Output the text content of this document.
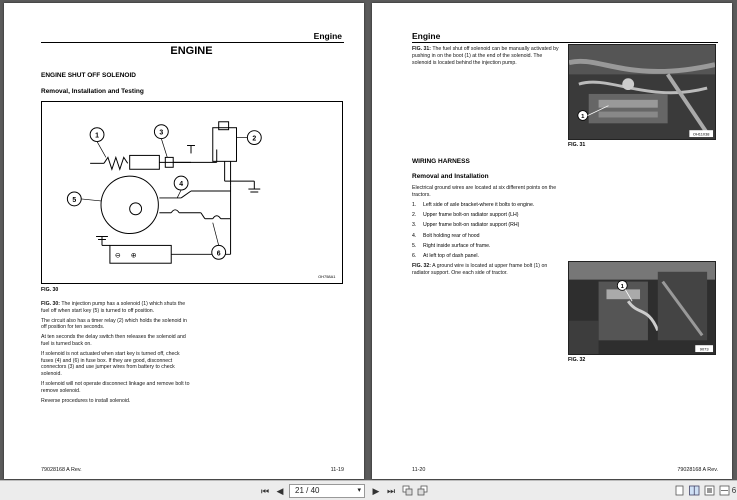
Engine
ENGINE
ENGINE SHUT OFF SOLENOID
Removal, Installation and Testing
⊖ ⊕
1	2
3
4
5
6
OH758A1
FIG. 30

FIG. 30: The injection pump has a solenoid (1) which shuts the fuel off when start key (5) is turned to off position.

The circuit also has a timer relay (2) which holds the solenoid in off position for ten seconds.

At ten seconds the delay switch then releases the solenoid and fuel is turned back on.

If solenoid is not actuated when start key is turned off, check fuses (4) and (6) in fuse box. If they are good, disconnect connectors (3) and use jumper wires from battery to check solenoid.

If solenoid will not operate disconnect linkage and remove bolt to remove solenoid.

Reverse procedures to install solenoid.

79028168 A Rev.	11-19
Engine
FIG. 31: The fuel shut off solenoid can be manually activated by pushing in on the boot (1) at the end of the solenoid. The solenoid is located behind the injection pump.
1
OH11038
FIG. 31
WIRING HARNESS
Removal and Installation
Electrical ground wires are located at six different points on the tractors.
1. Left side of axle bracket-where it bolts to engine.
2. Upper frame bolt-on radiator support (LH)
3. Upper frame bolt-on radiator support (RH)
4. Bolt holding rear of hood
5. Right inside surface of frame.
6. At left top of dash panel.
FIG. 32: A ground wire is located at upper frame bolt (1) on radiator support. One each side of tractor.
1
9073
FIG. 32
11-20	79028168 A Rev.
⏮ ◀	21 / 40	▾ ▶ ⏭	6
